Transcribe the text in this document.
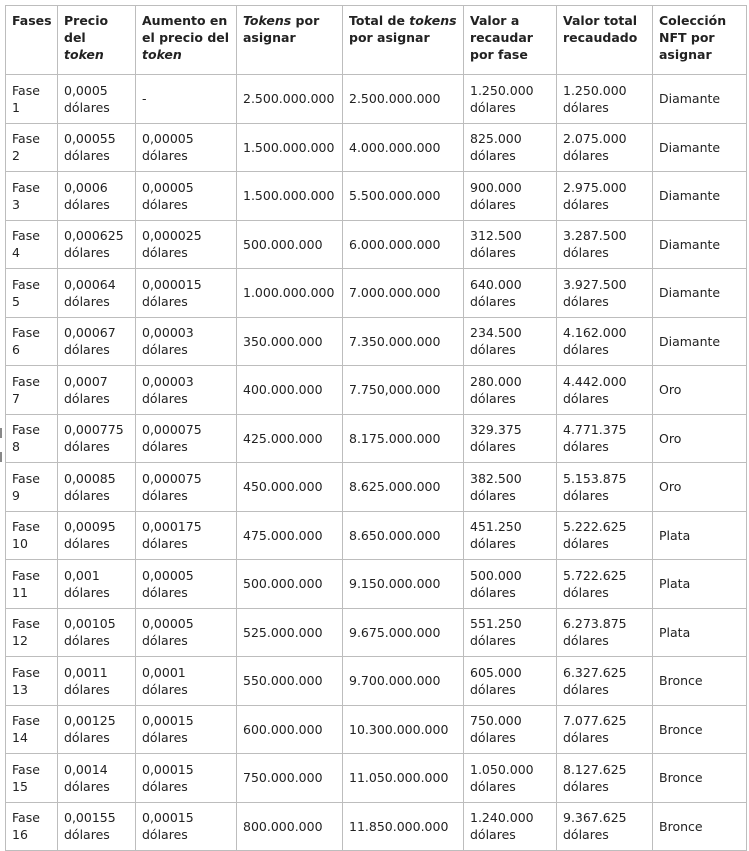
Fases	Precio del token	Aumento en el precio del token	Tokens por asignar	Total de tokens por asignar	Valor a recaudar por fase	Valor total recaudado	Colección NFT por asignar
Fase 1	0,0005 dólares	-	2.500.000.000	2.500.000.000	1.250.000 dólares	1.250.000 dólares	Diamante
Fase 2	0,00055 dólares	0,00005 dólares	1.500.000.000	4.000.000.000	825.000 dólares	2.075.000 dólares	Diamante
Fase 3	0,0006 dólares	0,00005 dólares	1.500.000.000	5.500.000.000	900.000 dólares	2.975.000 dólares	Diamante
Fase 4	0,000625 dólares	0,000025 dólares	500.000.000	6.000.000.000	312.500 dólares	3.287.500 dólares	Diamante
Fase 5	0,00064 dólares	0,000015 dólares	1.000.000.000	7.000.000.000	640.000 dólares	3.927.500 dólares	Diamante
Fase 6	0,00067 dólares	0,00003 dólares	350.000.000	7.350.000.000	234.500 dólares	4.162.000 dólares	Diamante
Fase 7	0,0007 dólares	0,00003 dólares	400.000.000	7.750,000.000	280.000 dólares	4.442.000 dólares	Oro
Fase 8	0,000775 dólares	0,000075 dólares	425.000.000	8.175.000.000	329.375 dólares	4.771.375 dólares	Oro
Fase 9	0,00085 dólares	0,000075 dólares	450.000.000	8.625.000.000	382.500 dólares	5.153.875 dólares	Oro
Fase 10	0,00095 dólares	0,000175 dólares	475.000.000	8.650.000.000	451.250 dólares	5.222.625 dólares	Plata
Fase 11	0,001 dólares	0,00005 dólares	500.000.000	9.150.000.000	500.000 dólares	5.722.625 dólares	Plata
Fase 12	0,00105 dólares	0,00005 dólares	525.000.000	9.675.000.000	551.250 dólares	6.273.875 dólares	Plata
Fase 13	0,0011 dólares	0,0001 dólares	550.000.000	9.700.000.000	605.000 dólares	6.327.625 dólares	Bronce
Fase 14	0,00125 dólares	0,00015 dólares	600.000.000	10.300.000.000	750.000 dólares	7.077.625 dólares	Bronce
Fase 15	0,0014 dólares	0,00015 dólares	750.000.000	11.050.000.000	1.050.000 dólares	8.127.625 dólares	Bronce
Fase 16	0,00155 dólares	0,00015 dólares	800.000.000	11.850.000.000	1.240.000 dólares	9.367.625 dólares	Bronce
